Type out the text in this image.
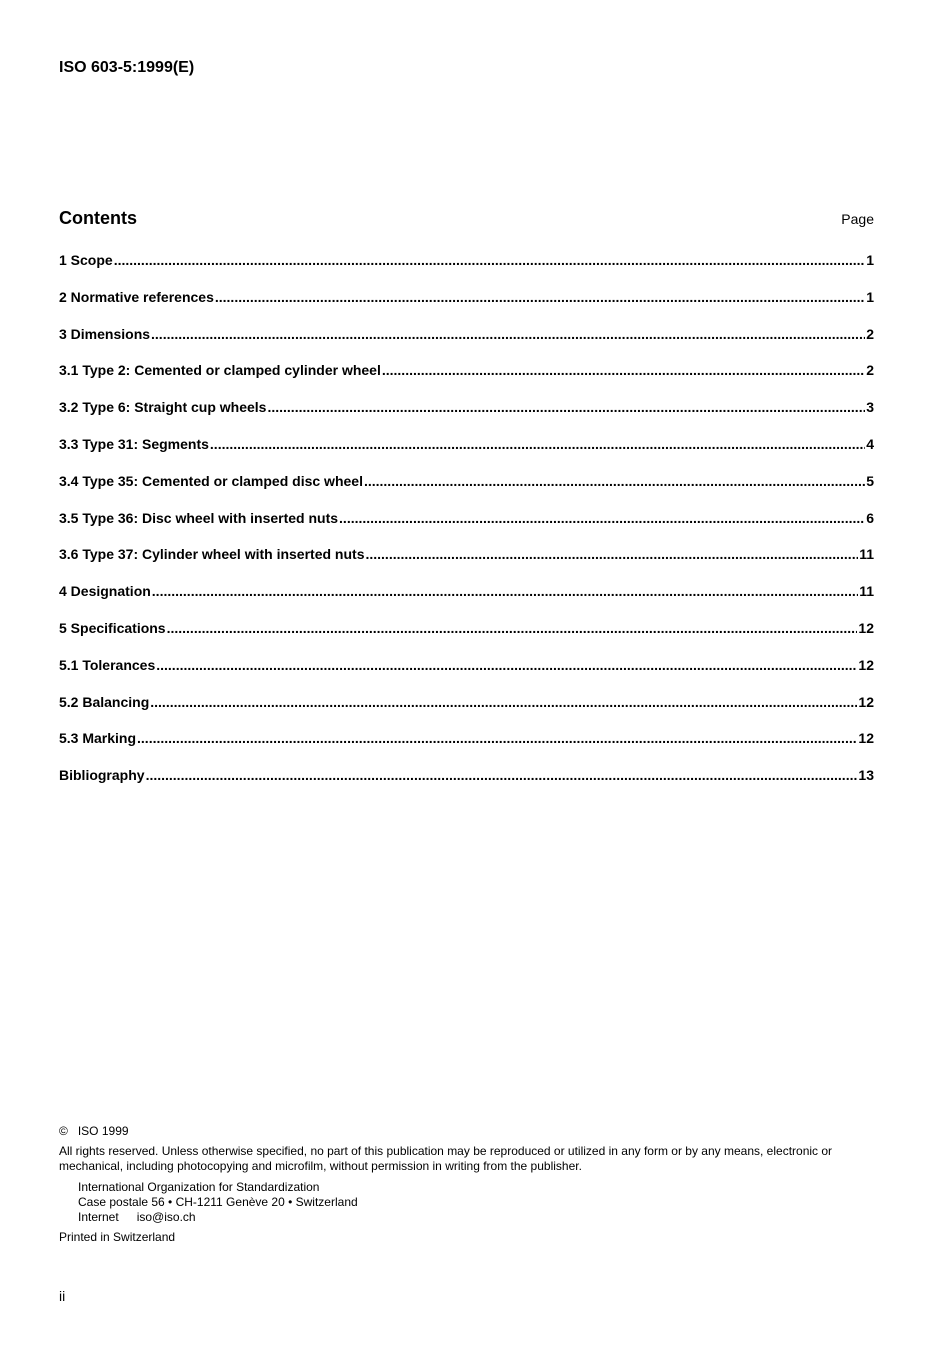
ISO 603-5:1999(E)
Contents	Page
1 Scope .....	1
2 Normative references .....	1
3 Dimensions .....	2
3.1 Type 2: Cemented or clamped cylinder wheel .....	2
3.2 Type 6: Straight cup wheels .....	3
3.3 Type 31: Segments .....	4
3.4 Type 35: Cemented or clamped disc wheel .....	5
3.5 Type 36: Disc wheel with inserted nuts .....	6
3.6 Type 37: Cylinder wheel with inserted nuts .....	11
4 Designation .....	11
5 Specifications .....	12
5.1 Tolerances .....	12
5.2 Balancing .....	12
5.3 Marking .....	12
Bibliography .....	13
© ISO 1999
All rights reserved. Unless otherwise specified, no part of this publication may be reproduced or utilized in any form or by any means, electronic or mechanical, including photocopying and microfilm, without permission in writing from the publisher.
International Organization for Standardization
Case postale 56 • CH-1211 Genève 20 • Switzerland
Internet iso@iso.ch
Printed in Switzerland
ii
